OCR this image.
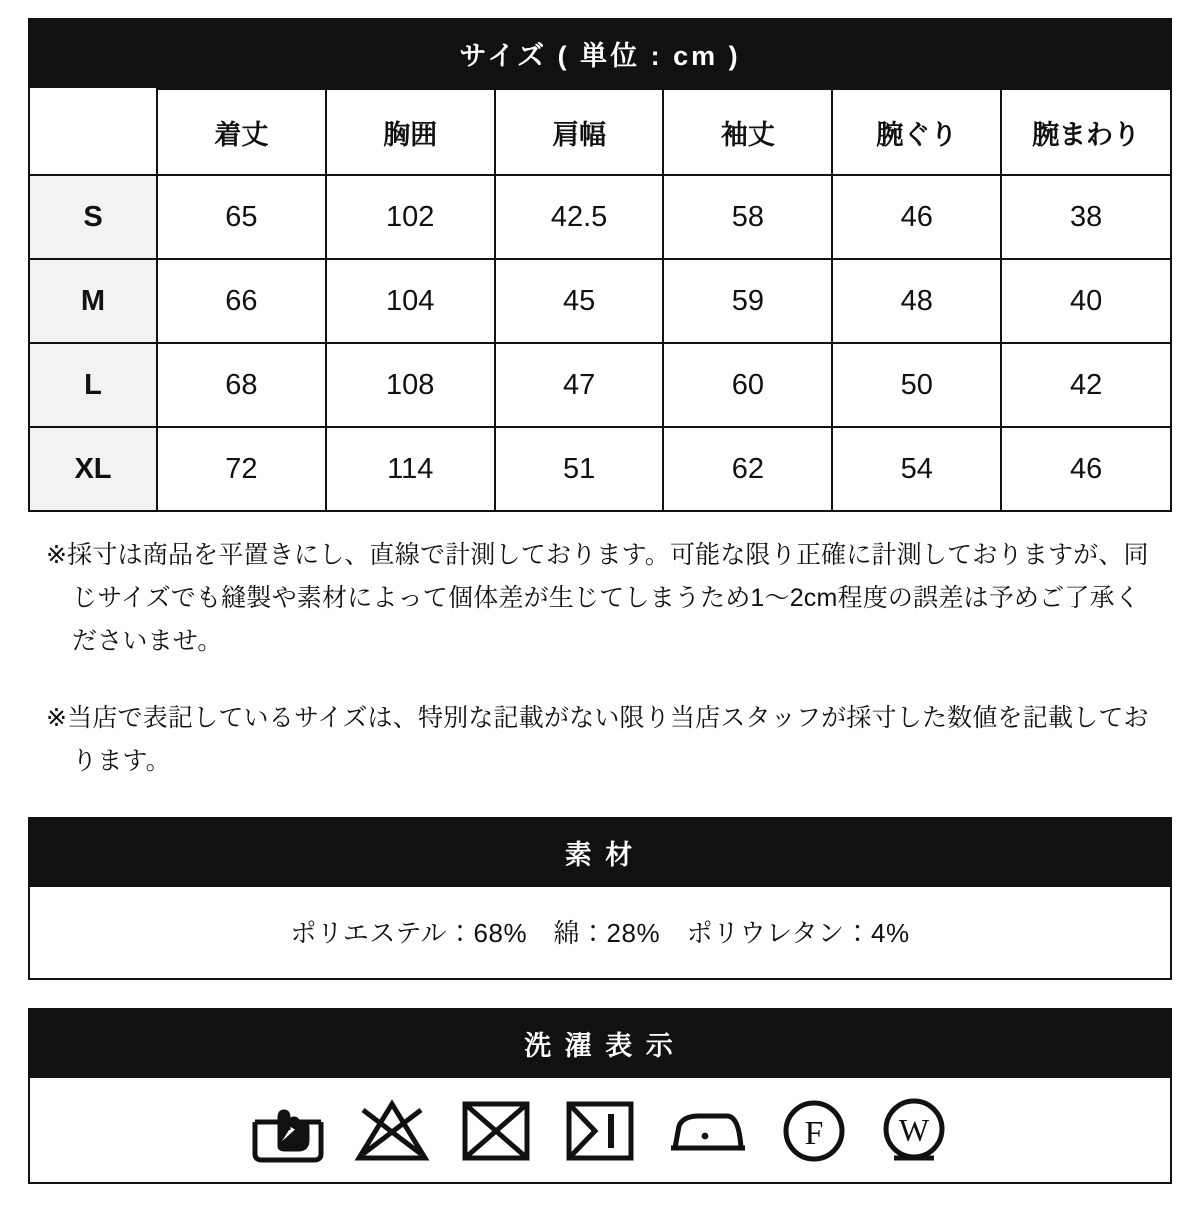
サイズ ( 単位 : cm )
	着丈	胸囲	肩幅	袖丈	腕ぐり	腕まわり
S	65	102	42.5	58	46	38
M	66	104	45	59	48	40
L	68	108	47	60	50	42
XL	72	114	51	62	54	46

※採寸は商品を平置きにし、直線で計測しております。可能な限り正確に計測しておりますが、同じサイズでも縫製や素材によって個体差が生じてしまうため1〜2cm程度の誤差は予めご了承くださいませ。

※当店で表記しているサイズは、特別な記載がない限り当店スタッフが採寸した数値を記載しております。

素 材
ポリエステル：68%　綿：28%　ポリウレタン：4%
洗 濯 表 示
F W
